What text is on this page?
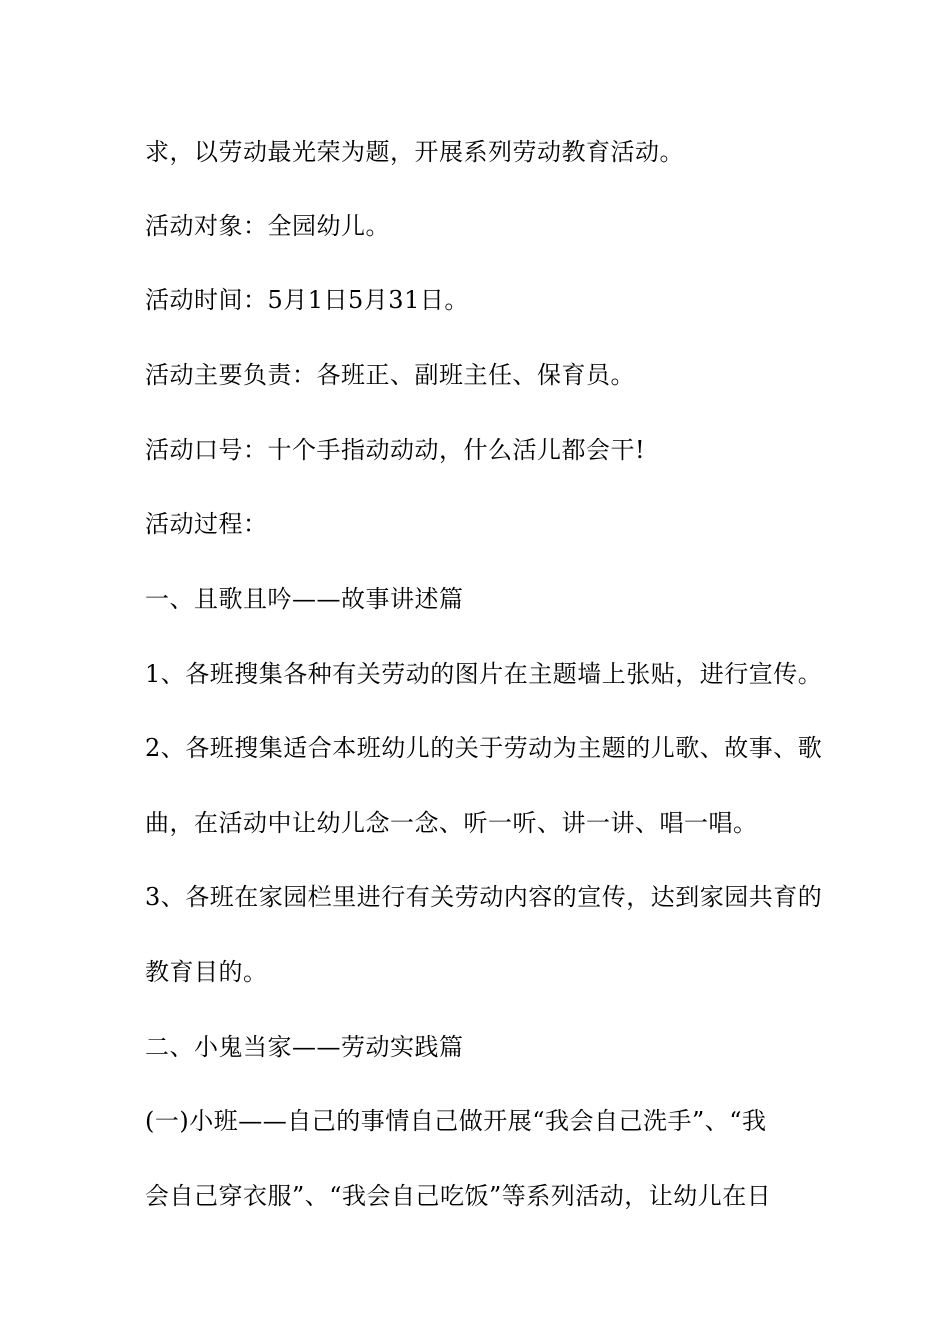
求，以劳动最光荣为题，开展系列劳动教育活动。
活动对象：全园幼儿。
活动时间：5月1日5月31日。
活动主要负责：各班正、副班主任、保育员。
活动口号：十个手指动动动，什么活儿都会干!
活动过程：
一、且歌且吟——故事讲述篇
1、各班搜集各种有关劳动的图片在主题墙上张贴，进行宣传。
2、各班搜集适合本班幼儿的关于劳动为主题的儿歌、故事、歌
曲，在活动中让幼儿念一念、听一听、讲一讲、唱一唱。
3、各班在家园栏里进行有关劳动内容的宣传，达到家园共育的
教育目的。
二、小鬼当家——劳动实践篇
(一)小班——自己的事情自己做开展“我会自己洗手”、“我
会自己穿衣服”、“我会自己吃饭”等系列活动，让幼儿在日
